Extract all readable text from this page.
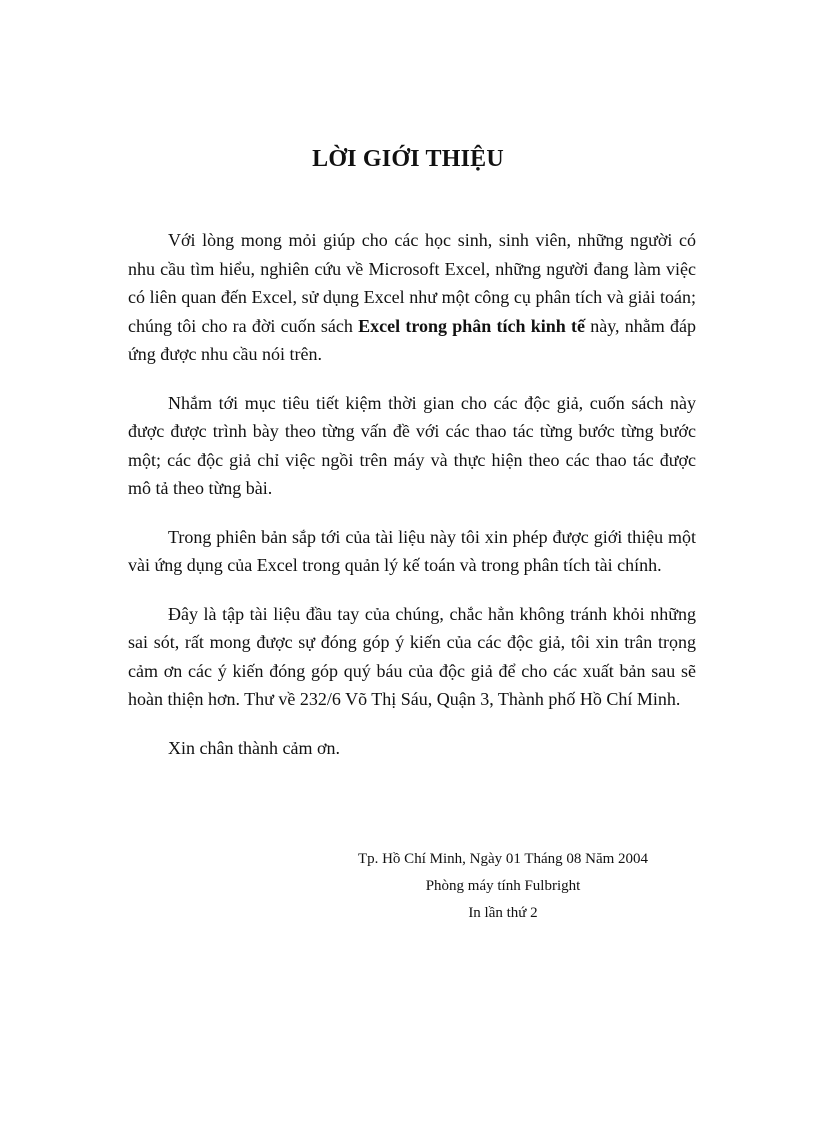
LỜI GIỚI THIỆU

Với lòng mong mỏi giúp cho các học sinh, sinh viên, những người có nhu cầu tìm hiểu, nghiên cứu về Microsoft Excel, những người đang làm việc có liên quan đến Excel, sử dụng Excel như một công cụ phân tích và giải toán; chúng tôi cho ra đời cuốn sách Excel trong phân tích kinh tế này, nhằm đáp ứng được nhu cầu nói trên.

Nhắm tới mục tiêu tiết kiệm thời gian cho các độc giả, cuốn sách này được được trình bày theo từng vấn đề với các thao tác từng bước từng bước một; các độc giả chỉ việc ngồi trên máy và thực hiện theo các thao tác được mô tả theo từng bài.

Trong phiên bản sắp tới của tài liệu này tôi xin phép được giới thiệu một vài ứng dụng của Excel trong quản lý kế toán và trong phân tích tài chính.

Đây là tập tài liệu đầu tay của chúng, chắc hẳn không tránh khỏi những sai sót, rất mong được sự đóng góp ý kiến của các độc giả, tôi xin trân trọng cảm ơn các ý kiến đóng góp quý báu của độc giả để cho các xuất bản sau sẽ hoàn thiện hơn. Thư về 232/6 Võ Thị Sáu, Quận 3, Thành phố Hồ Chí Minh.

Xin chân thành cảm ơn.

Tp. Hồ Chí Minh, Ngày 01 Tháng 08 Năm 2004
Phòng máy tính Fulbright
In lần thứ 2
